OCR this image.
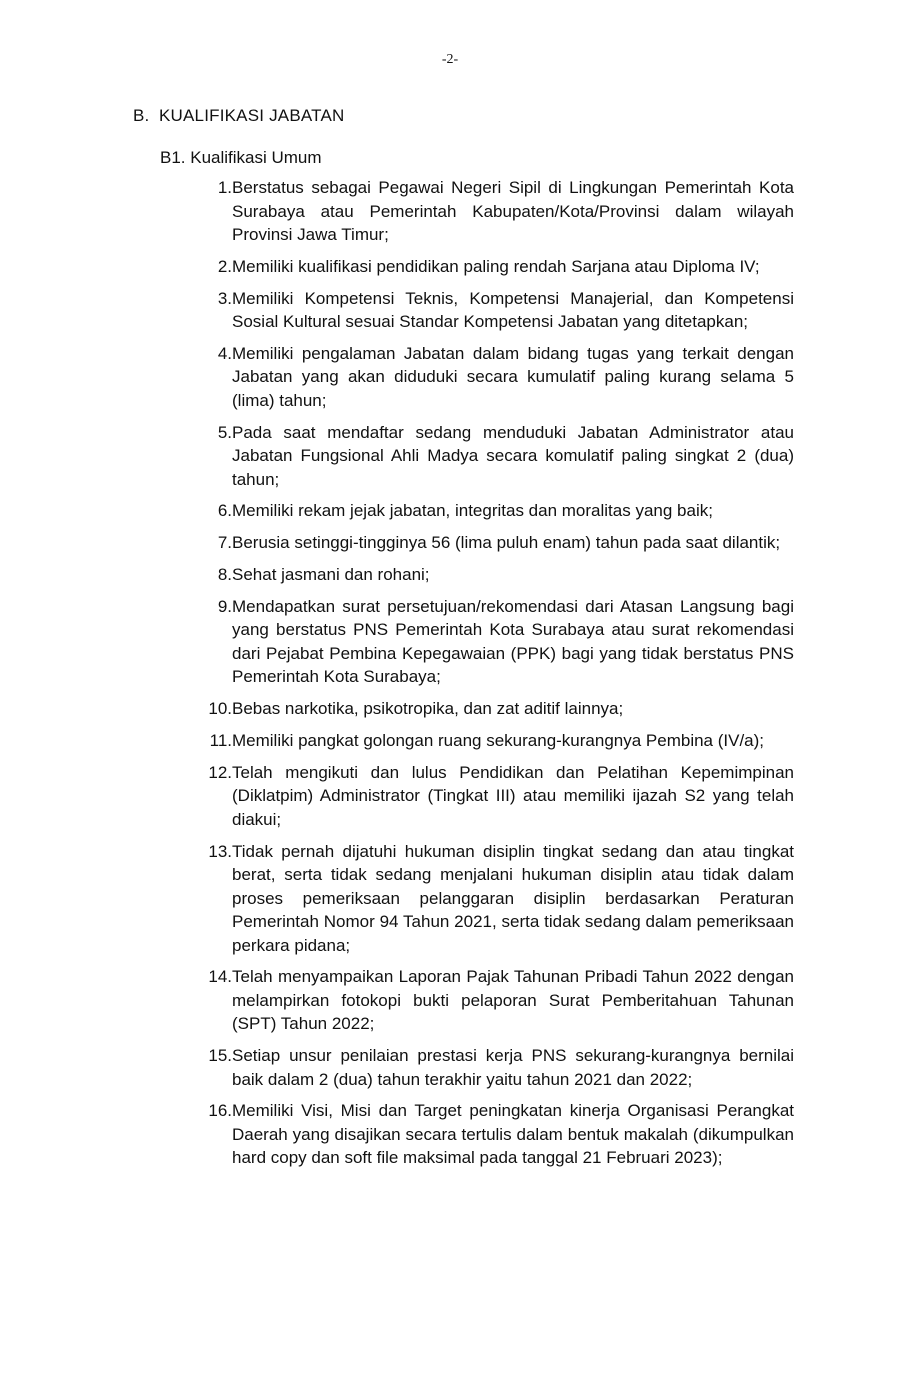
-2-
B. KUALIFIKASI JABATAN
B1. Kualifikasi Umum
1. Berstatus sebagai Pegawai Negeri Sipil di Lingkungan Pemerintah Kota Surabaya atau Pemerintah Kabupaten/Kota/Provinsi dalam wilayah Provinsi Jawa Timur;
2. Memiliki kualifikasi pendidikan paling rendah Sarjana atau Diploma IV;
3. Memiliki Kompetensi Teknis, Kompetensi Manajerial, dan Kompetensi Sosial Kultural sesuai Standar Kompetensi Jabatan yang ditetapkan;
4. Memiliki pengalaman Jabatan dalam bidang tugas yang terkait dengan Jabatan yang akan diduduki secara kumulatif paling kurang selama 5 (lima) tahun;
5. Pada saat mendaftar sedang menduduki Jabatan Administrator atau Jabatan Fungsional Ahli Madya secara komulatif paling singkat 2 (dua) tahun;
6. Memiliki rekam jejak jabatan, integritas dan moralitas yang baik;
7. Berusia setinggi-tingginya 56 (lima puluh enam) tahun pada saat dilantik;
8. Sehat jasmani dan rohani;
9. Mendapatkan surat persetujuan/rekomendasi dari Atasan Langsung bagi yang berstatus PNS Pemerintah Kota Surabaya atau surat rekomendasi dari Pejabat Pembina Kepegawaian (PPK) bagi yang tidak berstatus PNS Pemerintah Kota Surabaya;
10. Bebas narkotika, psikotropika, dan zat aditif lainnya;
11. Memiliki pangkat golongan ruang sekurang-kurangnya Pembina (IV/a);
12. Telah mengikuti dan lulus Pendidikan dan Pelatihan Kepemimpinan (Diklatpim) Administrator (Tingkat III) atau memiliki ijazah S2 yang telah diakui;
13. Tidak pernah dijatuhi hukuman disiplin tingkat sedang dan atau tingkat berat, serta tidak sedang menjalani hukuman disiplin atau tidak dalam proses pemeriksaan pelanggaran disiplin berdasarkan Peraturan Pemerintah Nomor 94 Tahun 2021, serta tidak sedang dalam pemeriksaan perkara pidana;
14. Telah menyampaikan Laporan Pajak Tahunan Pribadi Tahun 2022 dengan melampirkan fotokopi bukti pelaporan Surat Pemberitahuan Tahunan (SPT) Tahun 2022;
15. Setiap unsur penilaian prestasi kerja PNS sekurang-kurangnya bernilai baik dalam 2 (dua) tahun terakhir yaitu tahun 2021 dan 2022;
16. Memiliki Visi, Misi dan Target peningkatan kinerja Organisasi Perangkat Daerah yang disajikan secara tertulis dalam bentuk makalah (dikumpulkan hard copy dan soft file maksimal pada tanggal 21 Februari 2023);
